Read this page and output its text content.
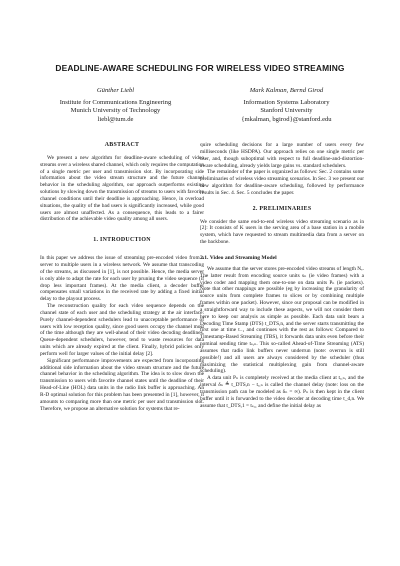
DEADLINE-AWARE SCHEDULING FOR WIRELESS VIDEO STREAMING
Günther Liebl
Institute for Communications Engineering
Munich University of Technology
liebl@tum.de
Mark Kalman, Bernd Girod
Information Systems Laboratory
Stanford University
{mkalman, bgirod}@stanford.edu
ABSTRACT

We present a new algorithm for deadline-aware scheduling of video streams over a wireless shared channel, which only requires the computation of a single metric per user and transmission slot. By incorporating side information about the video stream structure and the future channel behavior in the scheduling algorithm, our approach outperforms existing solutions by slowing down the transmission of streams to users with favorite channel conditions until their deadline is approaching. Hence, in overload situations, the quality of the bad users is significantly increased, while good users are almost unaffected. As a consequence, this leads to a fairer distribution of the achievable video quality among all users.

1. INTRODUCTION

In this paper we address the issue of streaming pre-encoded video from a server to multiple users in a wireless network. We assume that transcoding of the streams, as discussed in [1], is not possible. Hence, the media server is only able to adapt the rate for each user by pruning the video sequence (if drop less important frames). At the media client, a decoder buffer compensates small variations in the received rate by adding a fixed initial delay to the playout process.

The reconstruction quality for each video sequence depends on the channel state of each user and the scheduling strategy at the air interface: Purely channel-dependent schedulers lead to unacceptable performance of users with low reception quality, since good users occupy the channel most of the time although they are well-ahead of their video decoding deadlines. Queue-dependent schedulers, however, tend to waste resources for data units which are already expired at the client. Finally, hybrid policies only perform well for larger values of the initial delay [2].

Significant performance improvements are expected from incorporating additional side information about the video stream structure and the future channel behavior in the scheduling algorithm. The idea is to slow down the transmission to users with favorite channel states until the deadline of their Head-of-Line (HOL) data units in the radio link buffer is approaching. An R-D optimal solution for this problem has been presented in [1], however, it amounts to comparing more than one metric per user and transmission slot. Therefore, we propose an alternative solution for systems that re-

quire scheduling decisions for a large number of users every few milliseconds (like HSDPA). Our approach relies on one single metric per user, and, though suboptimal with respect to full deadline-and-distortion-aware scheduling, already yields large gains vs. standard schedulers.

The remainder of the paper is organized as follows: Sec. 2 contains some preliminaries of wireless video streaming scenarios. In Sec. 3 we present our new algorithm for deadline-aware scheduling, followed by performance results in Sec. 4. Sec. 5 concludes the paper.

2. PRELIMINARIES

We consider the same end-to-end wireless video streaming scenario as in [2]: It consists of K users in the serving area of a base station in a mobile system, which have requested to stream multimedia data from a server on the backbone.

2.1. Video and Streaming Model

We assume that the server stores pre-encoded video streams of length Nᵥ. The latter result from encoding source units sₙ (ie video frames) with a video coder and mapping them one-to-one on data units Pₙ (ie packets). Note that other mappings are possible (eg by increasing the granularity of source units from complete frames to slices or by combining multiple frames within one packet). However, since our proposal can be modified in a straightforward way to include these aspects, we will not consider them here to keep our analysis as simple as possible. Each data unit bears a Decoding Time Stamp (DTS) t_DTS,n, and the server starts transmitting the first one at time t₋₁ and continues with the rest as follows: Compared to Timestamp-Based Streaming (TBS), it forwards data units even before their nominal sending time tₛ,ₙ. This so-called Ahead-of-Time Streaming (ATS) assumes that radio link buffers never underrun (note: overrun is still possible!) and all users are always considered by the scheduler (thus maximizing the statistical multiplexing gain from channel-aware scheduling).

A data unit Pₙ is completely received at the media client at tᵣ,ₙ, and the interval δₙ ≜ t_DTS,n − tᵣ,ₙ is called the channel delay (note: loss on the transmission path can be modeled as δₙ = ∞). Pₙ is then kept in the client buffer until it is forwarded to the video decoder at decoding time t_d,n. We assume that t_DTS,1 = tₛ,₁ and define the initial delay as
